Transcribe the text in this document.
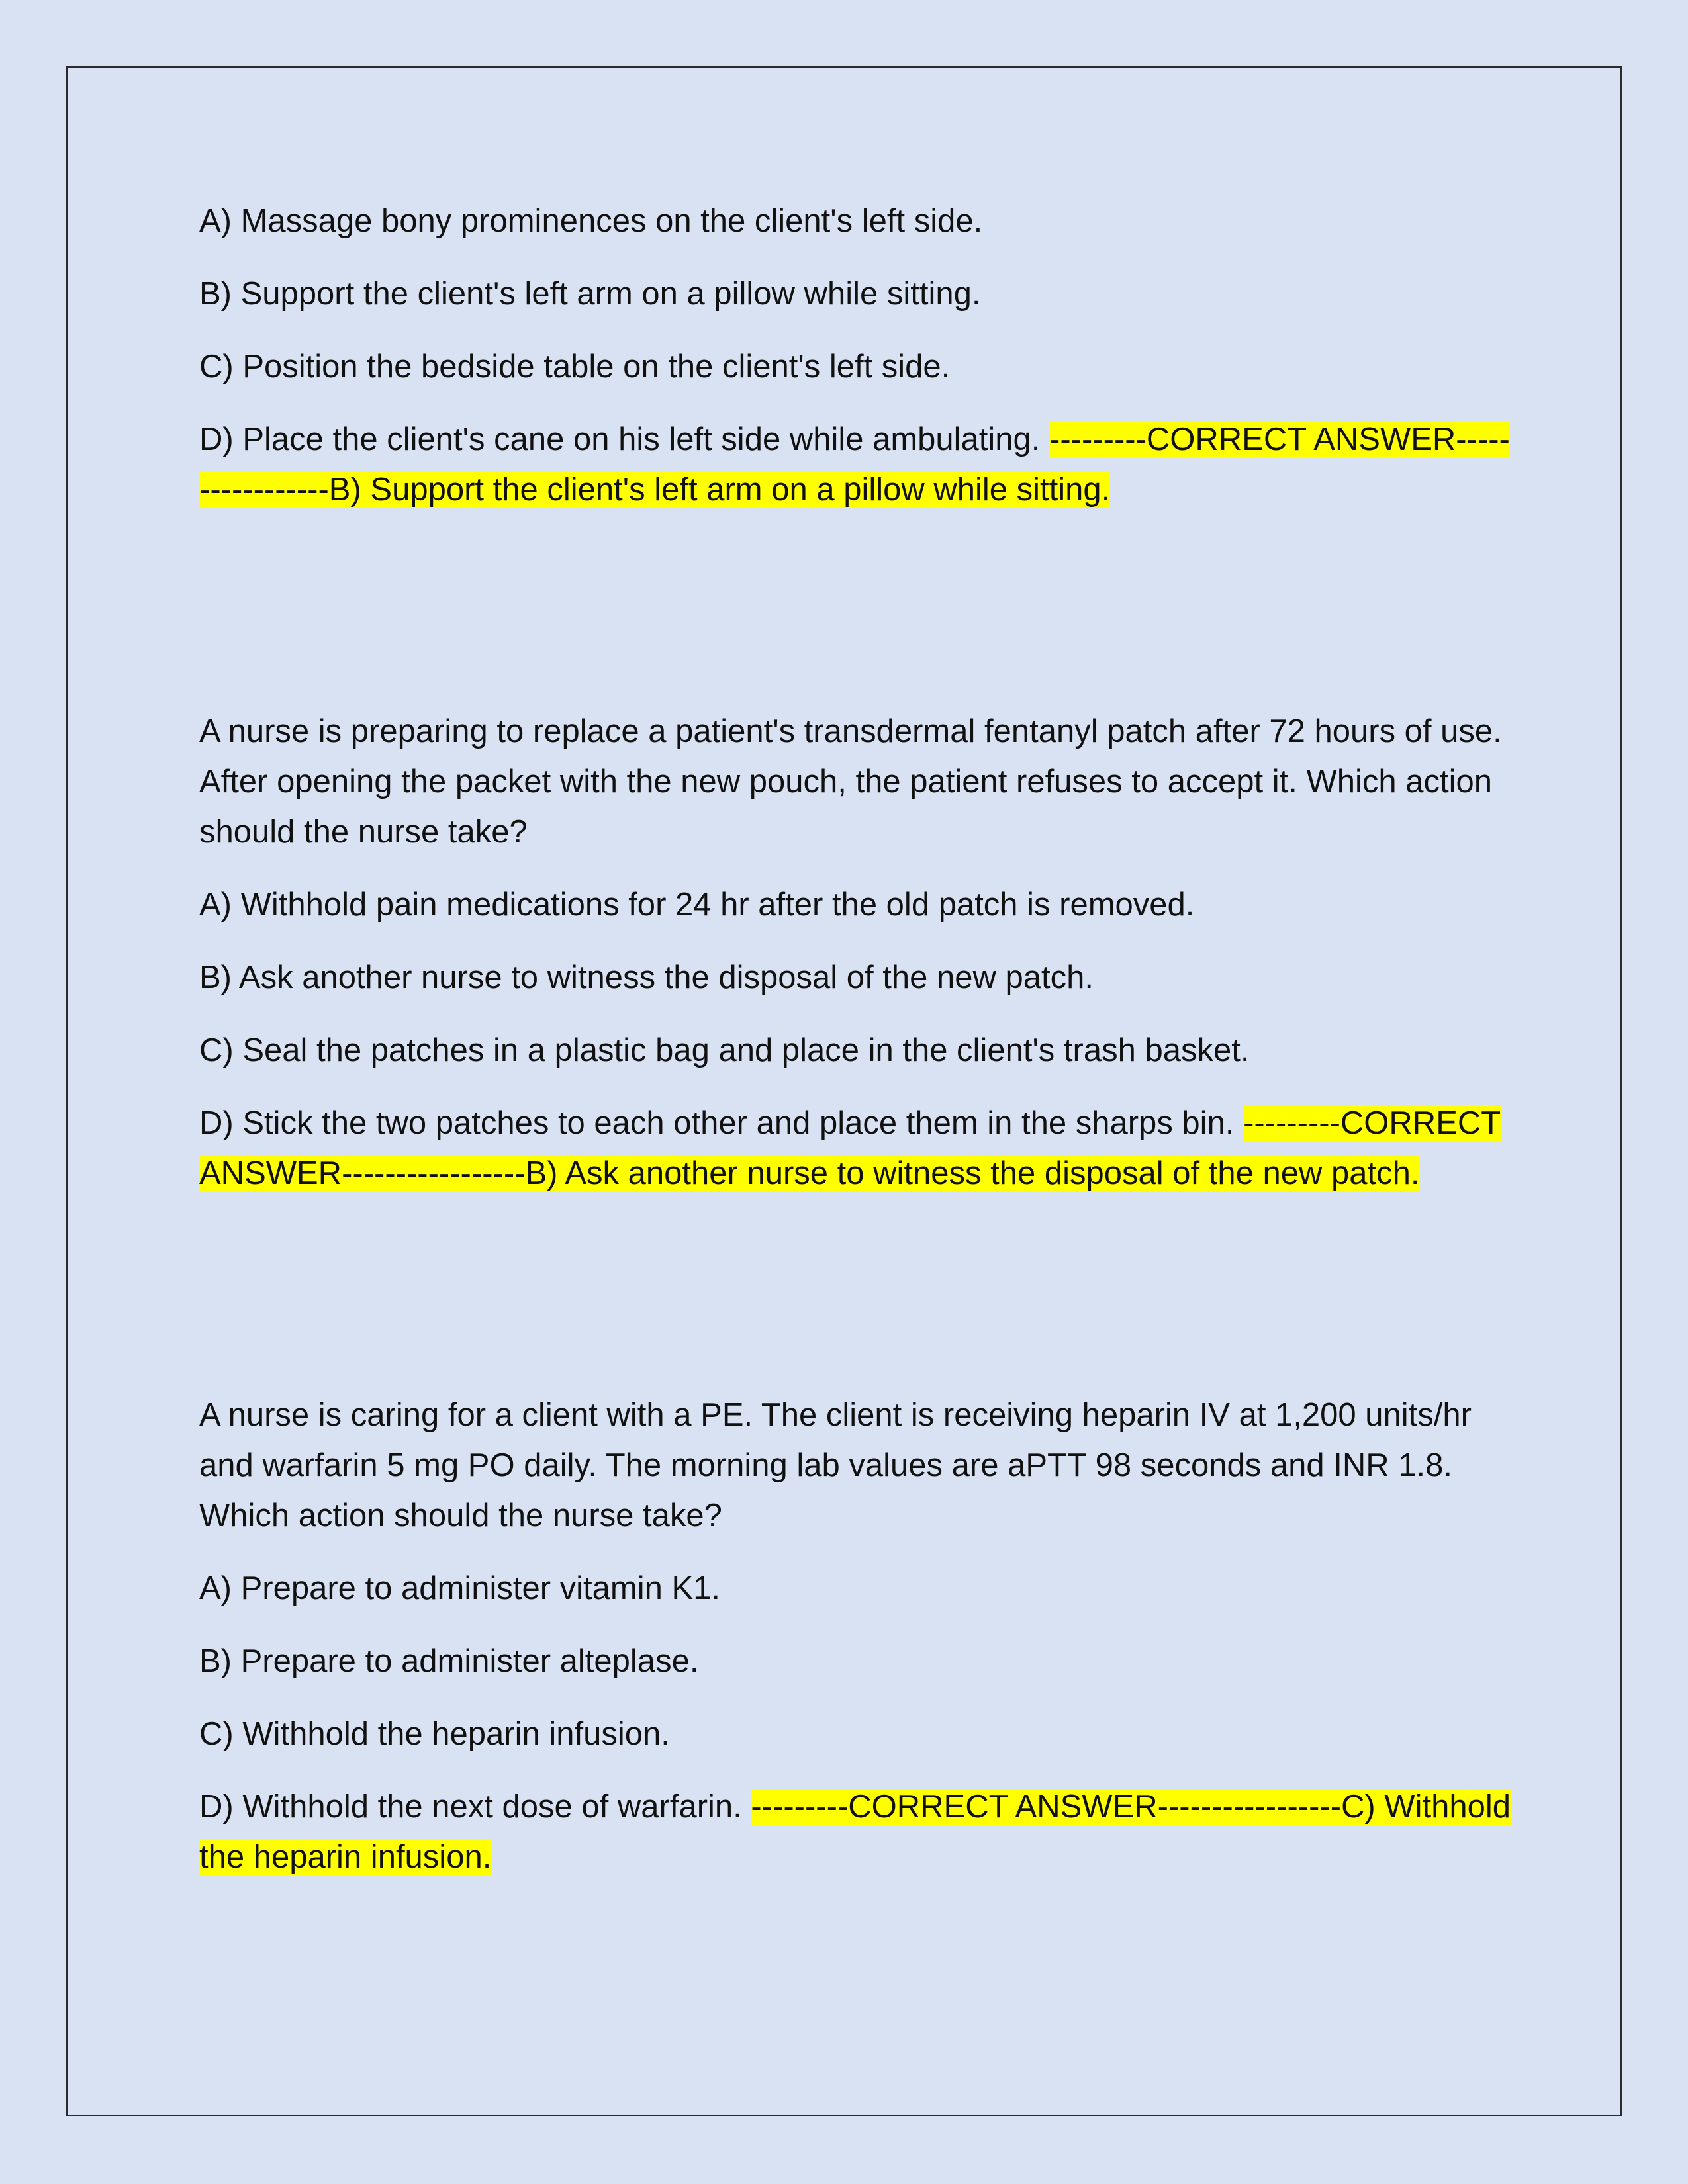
A) Massage bony prominences on the client's left side.
B) Support the client's left arm on a pillow while sitting.
C) Position the bedside table on the client's left side.
D) Place the client's cane on his left side while ambulating. ---------CORRECT ANSWER-----------------B) Support the client's left arm on a pillow while sitting.
A nurse is preparing to replace a patient's transdermal fentanyl patch after 72 hours of use. After opening the packet with the new pouch, the patient refuses to accept it. Which action should the nurse take?
A) Withhold pain medications for 24 hr after the old patch is removed.
B) Ask another nurse to witness the disposal of the new patch.
C) Seal the patches in a plastic bag and place in the client's trash basket.
D) Stick the two patches to each other and place them in the sharps bin. ---------CORRECT ANSWER-----------------B) Ask another nurse to witness the disposal of the new patch.
A nurse is caring for a client with a PE. The client is receiving heparin IV at 1,200 units/hr and warfarin 5 mg PO daily. The morning lab values are aPTT 98 seconds and INR 1.8. Which action should the nurse take?
A) Prepare to administer vitamin K1.
B) Prepare to administer alteplase.
C) Withhold the heparin infusion.
D) Withhold the next dose of warfarin. ---------CORRECT ANSWER-----------------C) Withhold the heparin infusion.
